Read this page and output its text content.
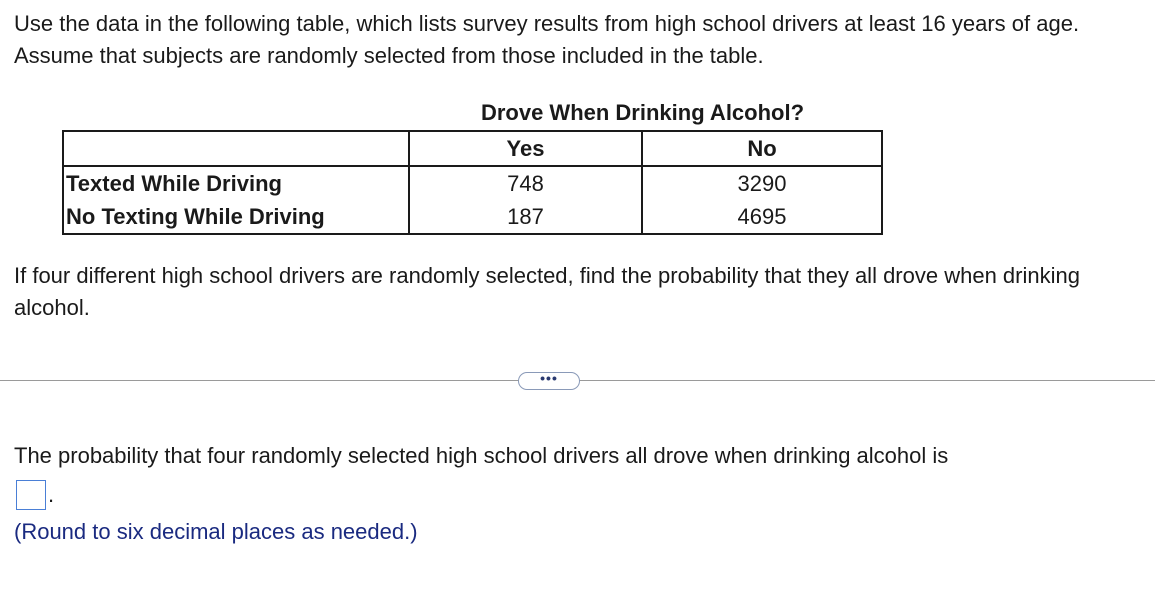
Use the data in the following table, which lists survey results from high school drivers at least 16 years of age. Assume that subjects are randomly selected from those included in the table.

Drove When Drinking Alcohol?
	Yes	No
Texted While Driving	748	3290
No Texting While Driving	187	4695

If four different high school drivers are randomly selected, find the probability that they all drove when drinking alcohol.

•••

The probability that four randomly selected high school drivers all drove when drinking alcohol is

.
(Round to six decimal places as needed.)
